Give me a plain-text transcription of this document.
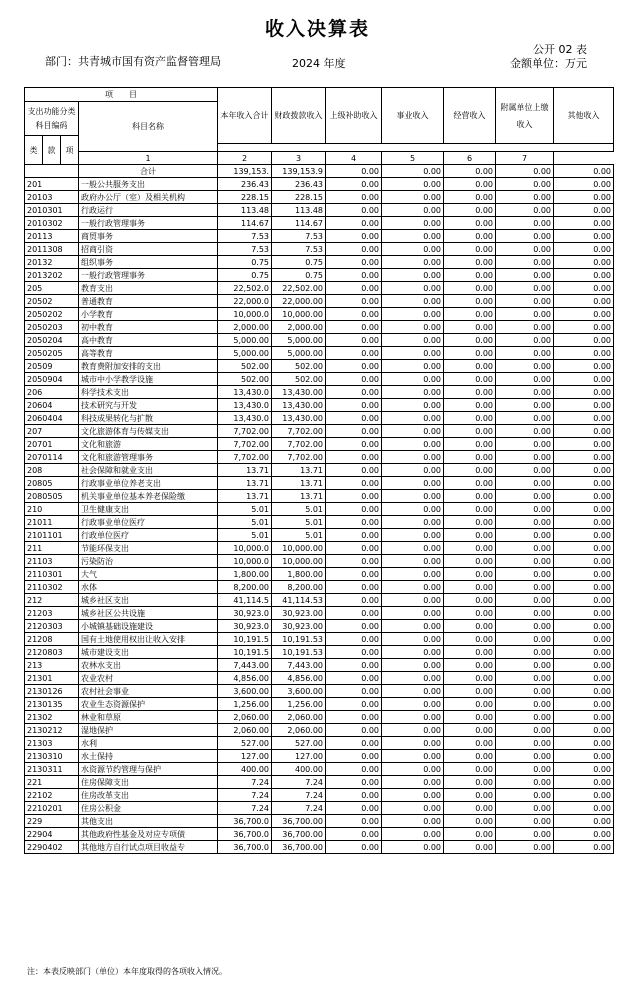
收入决算表
公开 02 表
部门：共青城市国有资产监督管理局	2024 年度	金额单位：万元
项　　目				本年收入合计	财政拨款收入	上级补助收入	事业收入	经营收入	附属单位上缴收入	其他收入
支出功能分类科目编码			科目名称							
类	款	项								

			1	2	3	4	5	6	7	
			合计	139,153.	139,153.9	0.00	0.00	0.00	0.00	0.00
201			一般公共服务支出	236.43	236.43	0.00	0.00	0.00	0.00	0.00
20103			政府办公厅（室）及相关机构	228.15	228.15	0.00	0.00	0.00	0.00	0.00
2010301			行政运行	113.48	113.48	0.00	0.00	0.00	0.00	0.00
2010302			一般行政管理事务	114.67	114.67	0.00	0.00	0.00	0.00	0.00
20113			商贸事务	7.53	7.53	0.00	0.00	0.00	0.00	0.00
2011308			招商引资	7.53	7.53	0.00	0.00	0.00	0.00	0.00
20132			组织事务	0.75	0.75	0.00	0.00	0.00	0.00	0.00
2013202			一般行政管理事务	0.75	0.75	0.00	0.00	0.00	0.00	0.00
205			教育支出	22,502.0	22,502.00	0.00	0.00	0.00	0.00	0.00
20502			普通教育	22,000.0	22,000.00	0.00	0.00	0.00	0.00	0.00
2050202			小学教育	10,000.0	10,000.00	0.00	0.00	0.00	0.00	0.00
2050203			初中教育	2,000.00	2,000.00	0.00	0.00	0.00	0.00	0.00
2050204			高中教育	5,000.00	5,000.00	0.00	0.00	0.00	0.00	0.00
2050205			高等教育	5,000.00	5,000.00	0.00	0.00	0.00	0.00	0.00
20509			教育费附加安排的支出	502.00	502.00	0.00	0.00	0.00	0.00	0.00
2050904			城市中小学教学设施	502.00	502.00	0.00	0.00	0.00	0.00	0.00
206			科学技术支出	13,430.0	13,430.00	0.00	0.00	0.00	0.00	0.00
20604			技术研究与开发	13,430.0	13,430.00	0.00	0.00	0.00	0.00	0.00
2060404			科技成果转化与扩散	13,430.0	13,430.00	0.00	0.00	0.00	0.00	0.00
207			文化旅游体育与传媒支出	7,702.00	7,702.00	0.00	0.00	0.00	0.00	0.00
20701			文化和旅游	7,702.00	7,702.00	0.00	0.00	0.00	0.00	0.00
2070114			文化和旅游管理事务	7,702.00	7,702.00	0.00	0.00	0.00	0.00	0.00
208			社会保障和就业支出	13.71	13.71	0.00	0.00	0.00	0.00	0.00
20805			行政事业单位养老支出	13.71	13.71	0.00	0.00	0.00	0.00	0.00
2080505			机关事业单位基本养老保险缴	13.71	13.71	0.00	0.00	0.00	0.00	0.00
210			卫生健康支出	5.01	5.01	0.00	0.00	0.00	0.00	0.00
21011			行政事业单位医疗	5.01	5.01	0.00	0.00	0.00	0.00	0.00
2101101			行政单位医疗	5.01	5.01	0.00	0.00	0.00	0.00	0.00
211			节能环保支出	10,000.0	10,000.00	0.00	0.00	0.00	0.00	0.00
21103			污染防治	10,000.0	10,000.00	0.00	0.00	0.00	0.00	0.00
2110301			大气	1,800.00	1,800.00	0.00	0.00	0.00	0.00	0.00
2110302			水体	8,200.00	8,200.00	0.00	0.00	0.00	0.00	0.00
212			城乡社区支出	41,114.5	41,114.53	0.00	0.00	0.00	0.00	0.00
21203			城乡社区公共设施	30,923.0	30,923.00	0.00	0.00	0.00	0.00	0.00
2120303			小城镇基础设施建设	30,923.0	30,923.00	0.00	0.00	0.00	0.00	0.00
21208			国有土地使用权出让收入安排	10,191.5	10,191.53	0.00	0.00	0.00	0.00	0.00
2120803			城市建设支出	10,191.5	10,191.53	0.00	0.00	0.00	0.00	0.00
213			农林水支出	7,443.00	7,443.00	0.00	0.00	0.00	0.00	0.00
21301			农业农村	4,856.00	4,856.00	0.00	0.00	0.00	0.00	0.00
2130126			农村社会事业	3,600.00	3,600.00	0.00	0.00	0.00	0.00	0.00
2130135			农业生态资源保护	1,256.00	1,256.00	0.00	0.00	0.00	0.00	0.00
21302			林业和草原	2,060.00	2,060.00	0.00	0.00	0.00	0.00	0.00
2130212			湿地保护	2,060.00	2,060.00	0.00	0.00	0.00	0.00	0.00
21303			水利	527.00	527.00	0.00	0.00	0.00	0.00	0.00
2130310			水土保持	127.00	127.00	0.00	0.00	0.00	0.00	0.00
2130311			水资源节约管理与保护	400.00	400.00	0.00	0.00	0.00	0.00	0.00
221			住房保障支出	7.24	7.24	0.00	0.00	0.00	0.00	0.00
22102			住房改革支出	7.24	7.24	0.00	0.00	0.00	0.00	0.00
2210201			住房公积金	7.24	7.24	0.00	0.00	0.00	0.00	0.00
229			其他支出	36,700.0	36,700.00	0.00	0.00	0.00	0.00	0.00
22904			其他政府性基金及对应专项债	36,700.0	36,700.00	0.00	0.00	0.00	0.00	0.00
2290402			其他地方自行试点项目收益专	36,700.0	36,700.00	0.00	0.00	0.00	0.00	0.00
注：本表反映部门（单位）本年度取得的各项收入情况。
